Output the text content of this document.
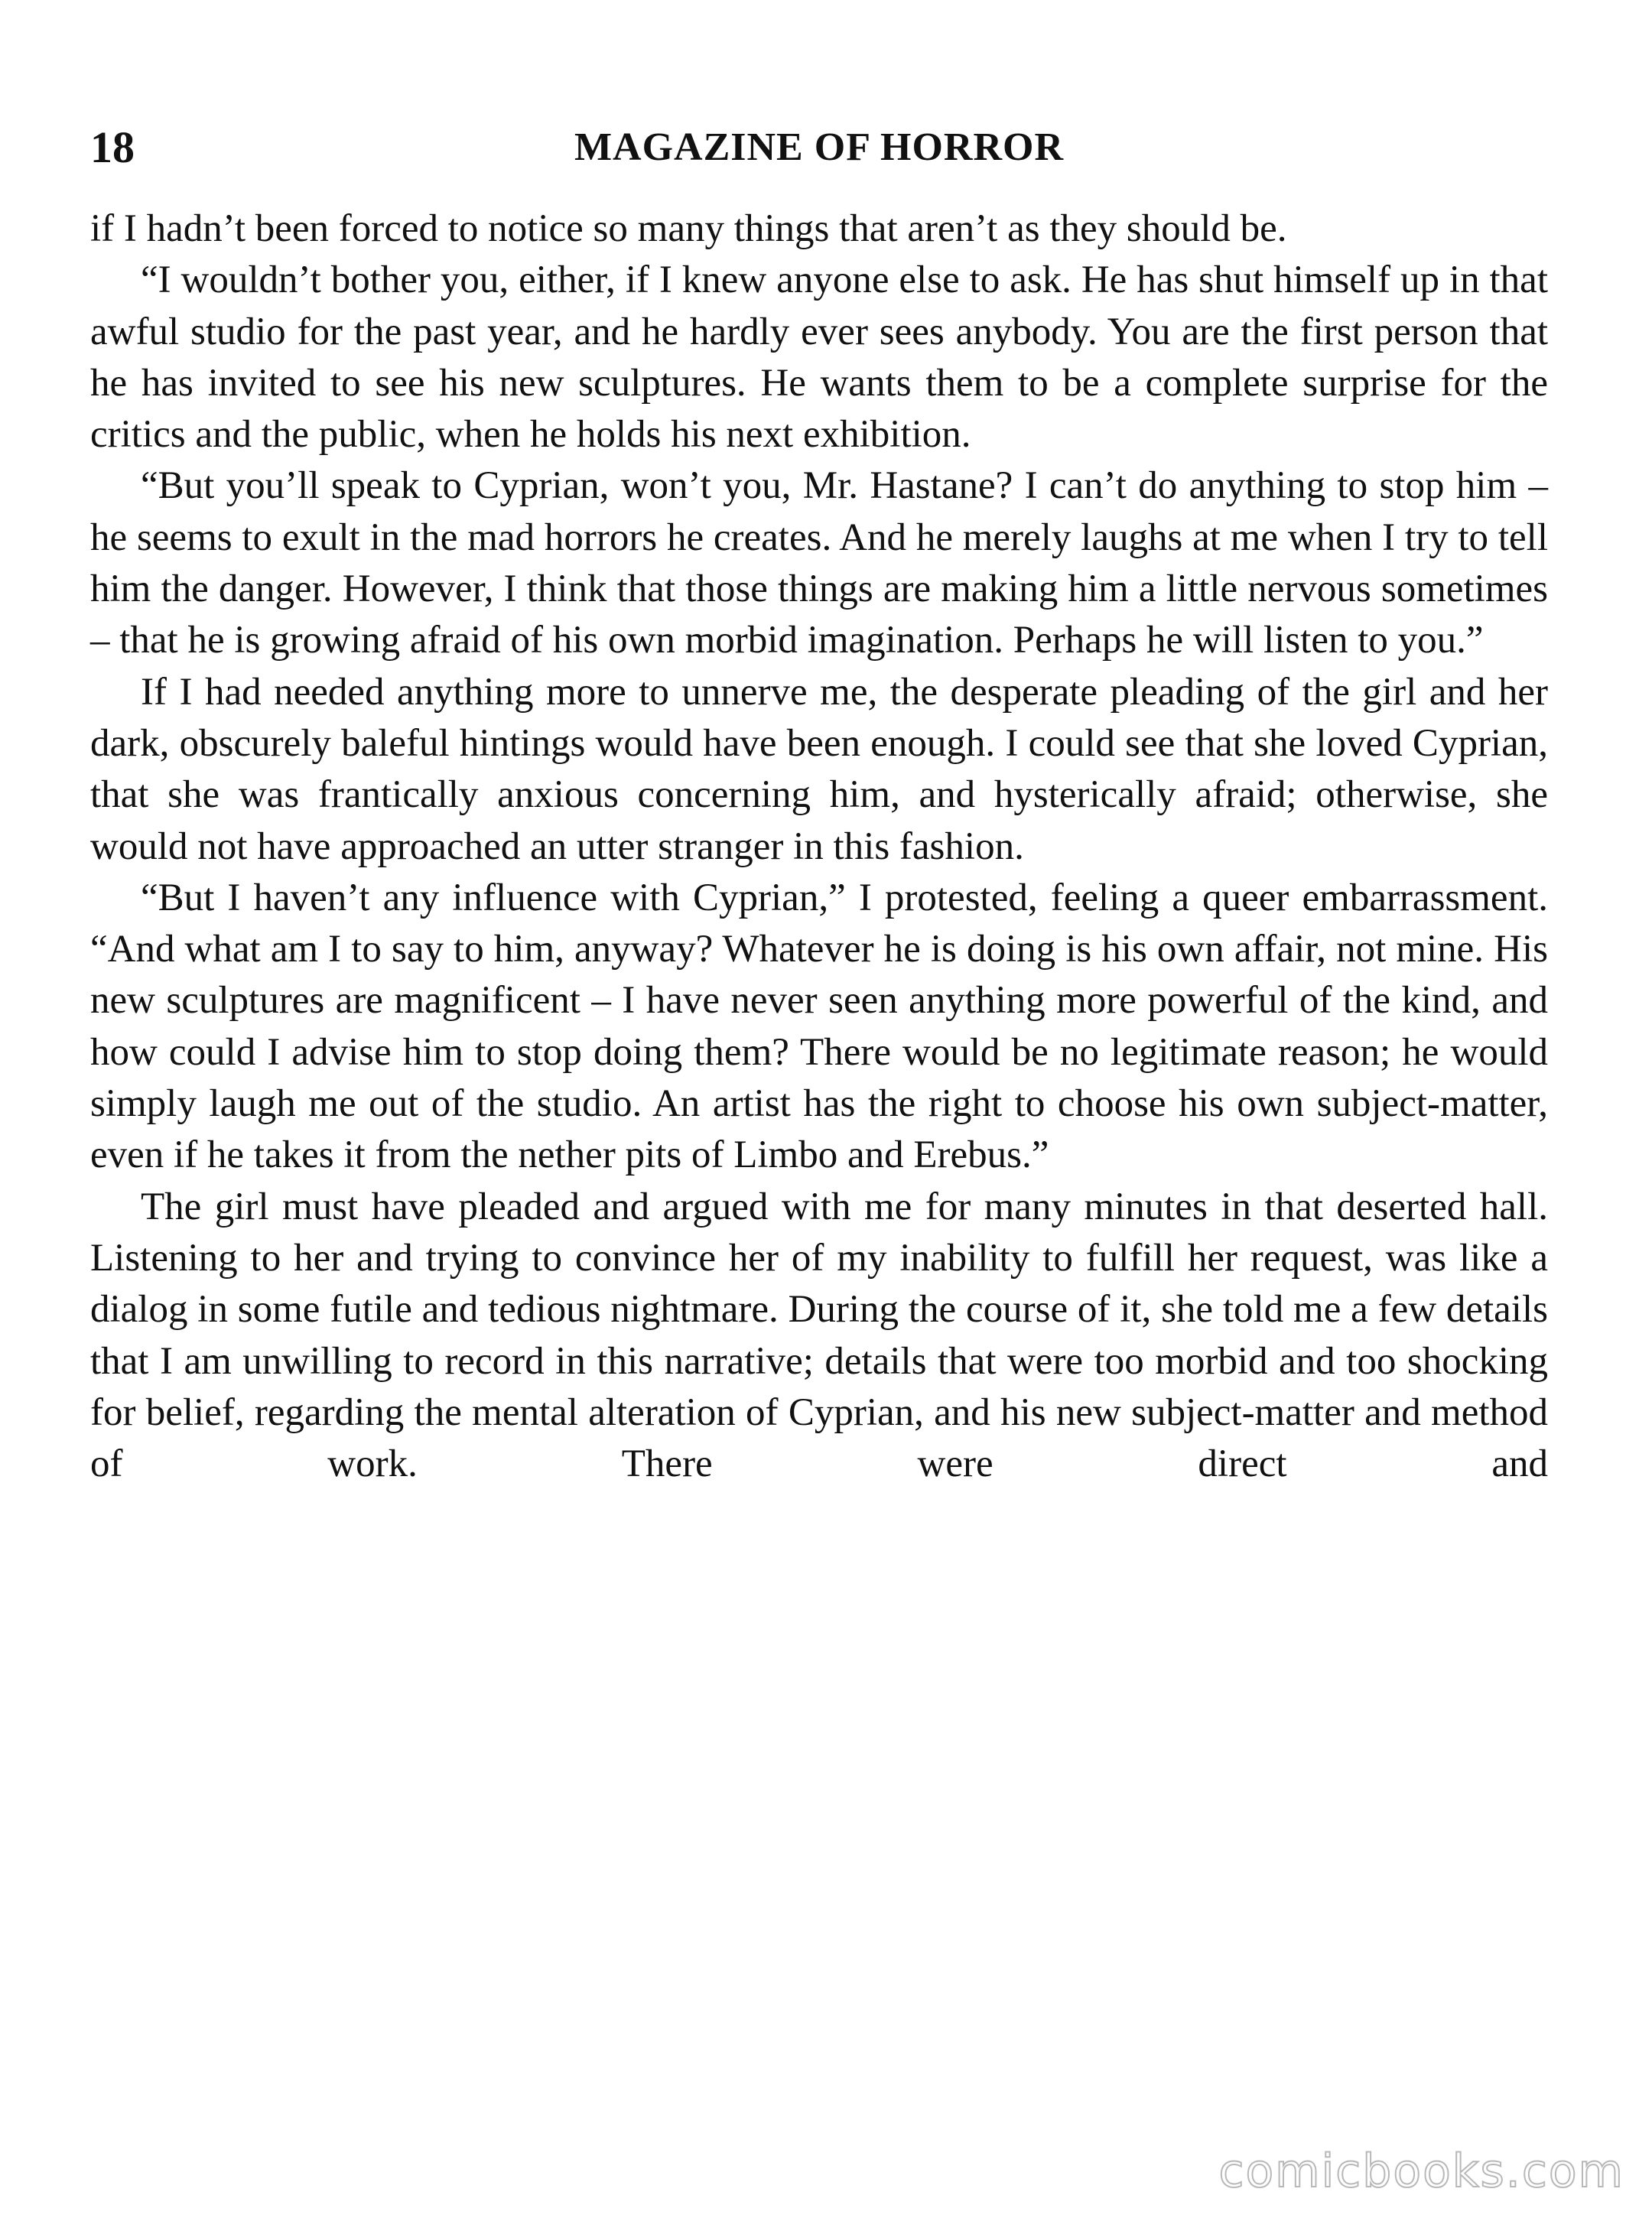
18	MAGAZINE OF HORROR

if I hadn’t been forced to notice so many things that aren’t as they should be.

“I wouldn’t bother you, either, if I knew anyone else to ask. He has shut himself up in that awful studio for the past year, and he hardly ever sees anybody. You are the first person that he has invited to see his new sculptures. He wants them to be a complete surprise for the critics and the public, when he holds his next exhibition.

“But you’ll speak to Cyprian, won’t you, Mr. Hastane? I can’t do anything to stop him – he seems to exult in the mad horrors he creates. And he merely laughs at me when I try to tell him the danger. However, I think that those things are making him a little nervous sometimes – that he is growing afraid of his own morbid imagination. Perhaps he will listen to you.”

If I had needed anything more to unnerve me, the desperate pleading of the girl and her dark, obscurely baleful hintings would have been enough. I could see that she loved Cyprian, that she was frantically anxious concerning him, and hysterically afraid; otherwise, she would not have approached an utter stranger in this fashion.

“But I haven’t any influence with Cyprian,” I protested, feeling a queer embarrassment. “And what am I to say to him, anyway? Whatever he is doing is his own affair, not mine. His new sculptures are magnificent – I have never seen anything more powerful of the kind, and how could I advise him to stop doing them? There would be no legitimate reason; he would simply laugh me out of the studio. An artist has the right to choose his own subject-matter, even if he takes it from the nether pits of Limbo and Erebus.”

The girl must have pleaded and argued with me for many minutes in that deserted hall. Listening to her and trying to convince her of my inability to fulfill her request, was like a dialog in some futile and tedious nightmare. During the course of it, she told me a few details that I am unwilling to record in this narrative; details that were too morbid and too shocking for belief, regarding the mental alteration of Cyprian, and his new subject-matter and method of work. There were direct and

comicbooks.com
